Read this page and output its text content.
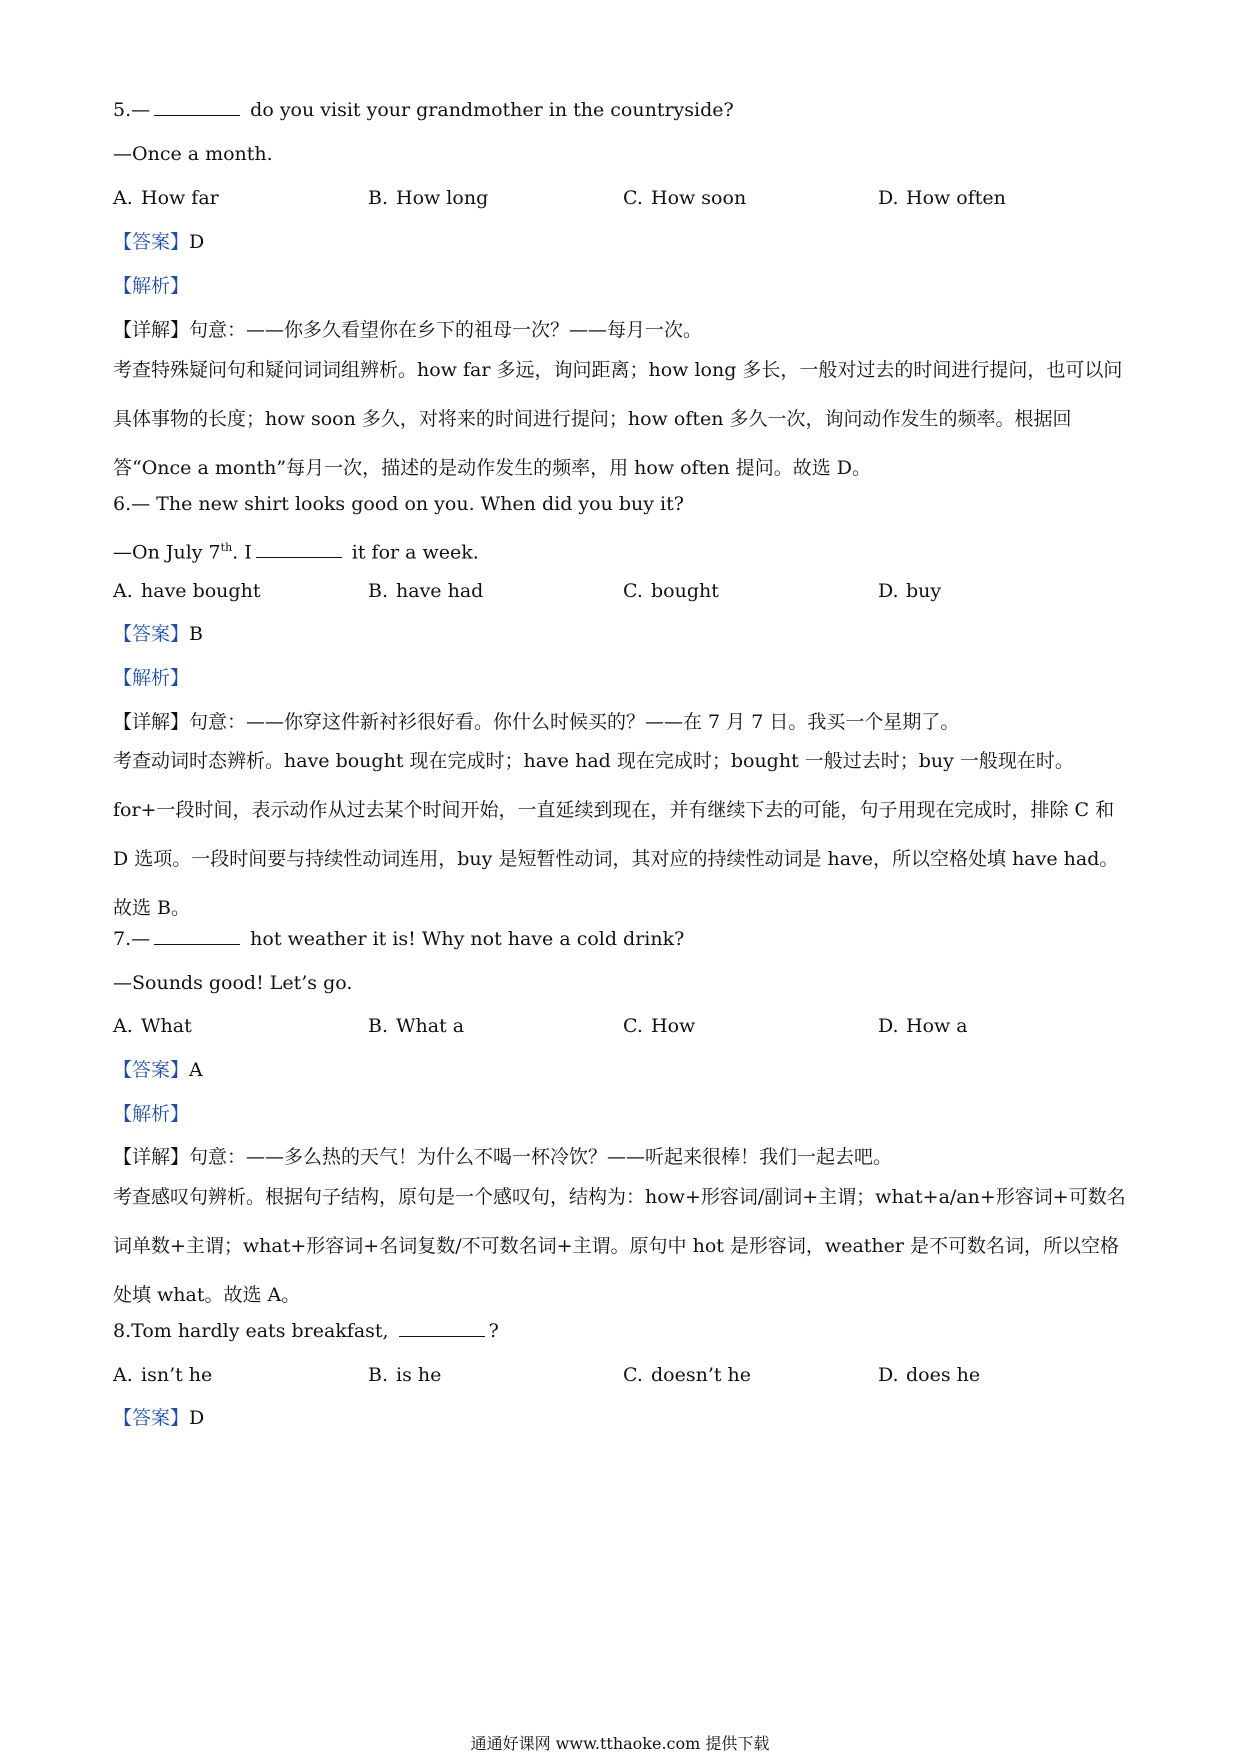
5.—	do you visit your grandmother in the countryside?
—Once a month.
A. How far	B. How long	C. How soon	D. How often
【答案】D
【解析】
【详解】句意：——你多久看望你在乡下的祖母一次？——每月一次。
考查特殊疑问句和疑问词词组辨析。how far 多远，询问距离；how long 多长，一般对过去的时间进行提问，也可以问具体事物的长度；how soon 多久，对将来的时间进行提问；how often 多久一次，询问动作发生的频率。根据回答“Once a month”每月一次，描述的是动作发生的频率，用 how often 提问。故选 D。
6.— The new shirt looks good on you. When did you buy it?
—On July 7th. I	it for a week.
A. have bought	B. have had	C. bought	D. buy
【答案】B
【解析】
【详解】句意：——你穿这件新衬衫很好看。你什么时候买的？——在 7 月 7 日。我买一个星期了。
考查动词时态辨析。have bought 现在完成时；have had 现在完成时；bought 一般过去时；buy 一般现在时。for+一段时间，表示动作从过去某个时间开始，一直延续到现在，并有继续下去的可能，句子用现在完成时，排除 C 和 D 选项。一段时间要与持续性动词连用，buy 是短暂性动词，其对应的持续性动词是 have，所以空格处填 have had。故选 B。
7.—	hot weather it is! Why not have a cold drink?
—Sounds good! Let’s go.
A. What	B. What a	C. How	D. How a
【答案】A
【解析】
【详解】句意：——多么热的天气！为什么不喝一杯冷饮？——听起来很棒！我们一起去吧。
考查感叹句辨析。根据句子结构，原句是一个感叹句，结构为：how+形容词/副词+主谓；what+a/an+形容词+可数名词单数+主谓；what+形容词+名词复数/不可数名词+主谓。原句中 hot 是形容词，weather 是不可数名词，所以空格处填 what。故选 A。
8.Tom hardly eats breakfast,	?
A. isn’t he	B. is he	C. doesn’t he	D. does he
【答案】D
通通好课网 www.tthaoke.com 提供下载
